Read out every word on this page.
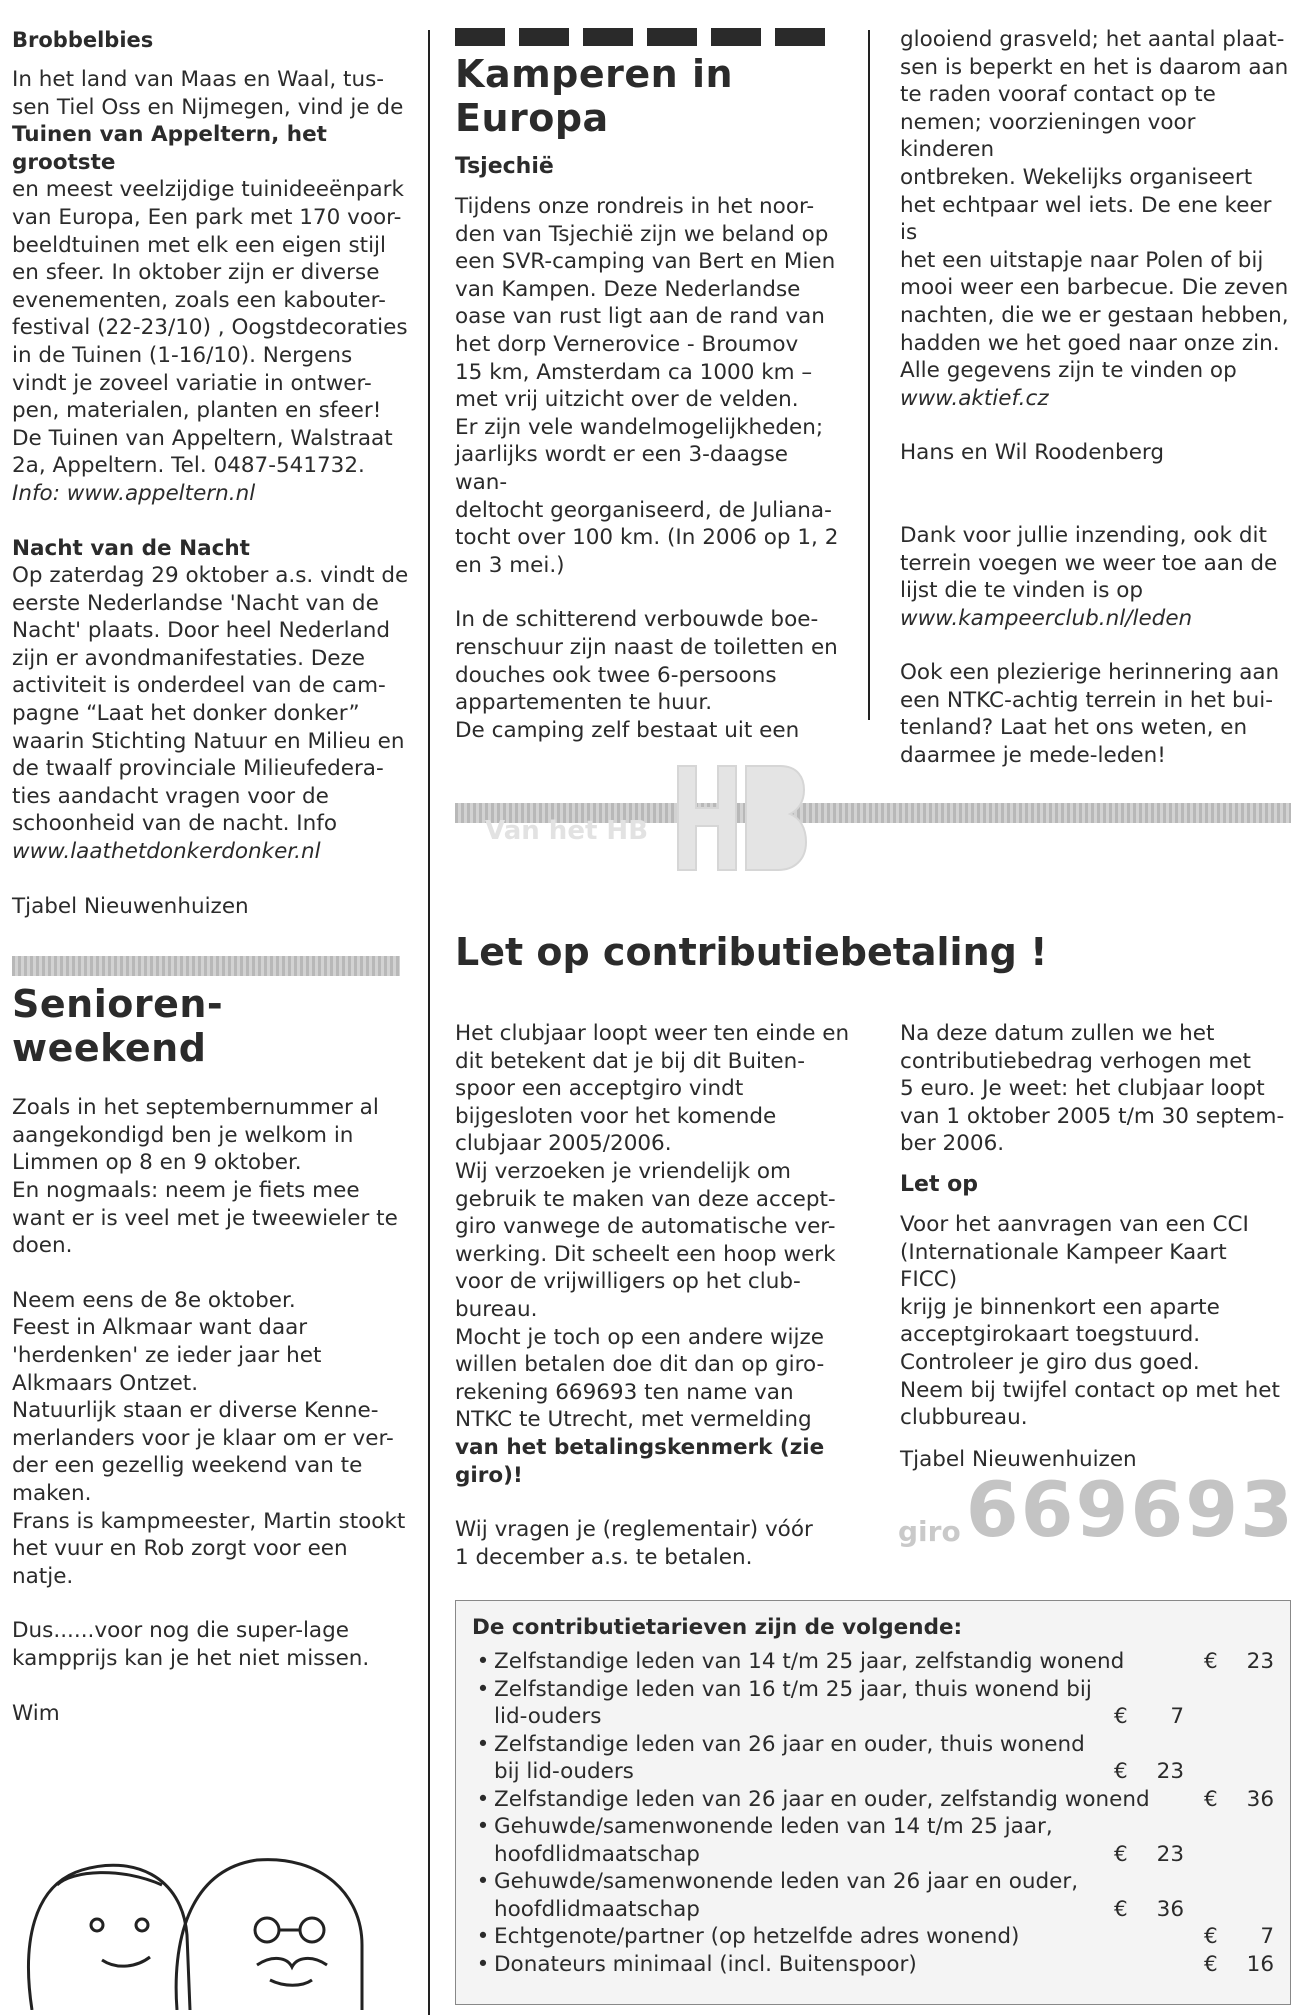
Brobbelbies
In het land van Maas en Waal, tus-
sen Tiel Oss en Nijmegen, vind je de
Tuinen van Appeltern, het grootste
en meest veelzijdige tuinideeënpark
van Europa, Een park met 170 voor-
beeldtuinen met elk een eigen stijl
en sfeer. In oktober zijn er diverse
evenementen, zoals een kabouter-
festival (22-23/10) , Oogstdecoraties
in de Tuinen (1-16/10). Nergens
vindt je zoveel variatie in ontwer-
pen, materialen, planten en sfeer!
De Tuinen van Appeltern, Walstraat
2a, Appeltern. Tel. 0487-541732.
Info: www.appeltern.nl
Nacht van de Nacht
Op zaterdag 29 oktober a.s. vindt de
eerste Nederlandse 'Nacht van de
Nacht' plaats. Door heel Nederland
zijn er avondmanifestaties. Deze
activiteit is onderdeel van de cam-
pagne “Laat het donker donker”
waarin Stichting Natuur en Milieu en
de twaalf provinciale Milieufedera-
ties aandacht vragen voor de
schoonheid van de nacht. Info
www.laathetdonkerdonker.nl
Tjabel Nieuwenhuizen
Senioren-weekend
Zoals in het septembernummer al
aangekondigd ben je welkom in
Limmen op 8 en 9 oktober.
En nogmaals: neem je fiets mee
want er is veel met je tweewieler te
doen.
Neem eens de 8e oktober.
Feest in Alkmaar want daar
'herdenken' ze ieder jaar het
Alkmaars Ontzet.
Natuurlijk staan er diverse Kenne-
merlanders voor je klaar om er ver-
der een gezellig weekend van te
maken.
Frans is kampmeester, Martin stookt
het vuur en Rob zorgt voor een
natje.
Dus......voor nog die super-lage
kampprijs kan je het niet missen.
Wim
Kamperen in Europa
Tsjechië
Tijdens onze rondreis in het noor-
den van Tsjechië zijn we beland op
een SVR-camping van Bert en Mien
van Kampen. Deze Nederlandse
oase van rust ligt aan de rand van
het dorp Vernerovice - Broumov
15 km, Amsterdam ca 1000 km –
met vrij uitzicht over de velden.
Er zijn vele wandelmogelijkheden;
jaarlijks wordt er een 3-daagse wan-
deltocht georganiseerd, de Juliana-
tocht over 100 km. (In 2006 op 1, 2
en 3 mei.)
In de schitterend verbouwde boe-
renschuur zijn naast de toiletten en
douches ook twee 6-persoons
appartementen te huur.
De camping zelf bestaat uit een
Van het HB
Let op contributiebetaling !
Het clubjaar loopt weer ten einde en
dit betekent dat je bij dit Buiten-
spoor een acceptgiro vindt
bijgesloten voor het komende
clubjaar 2005/2006.
Wij verzoeken je vriendelijk om
gebruik te maken van deze accept-
giro vanwege de automatische ver-
werking. Dit scheelt een hoop werk
voor de vrijwilligers op het club-
bureau.
Mocht je toch op een andere wijze
willen betalen doe dit dan op giro-
rekening 669693 ten name van
NTKC te Utrecht, met vermelding
van het betalingskenmerk (zie giro)!
Wij vragen je (reglementair) vóór
1 december a.s. te betalen.
glooiend grasveld; het aantal plaat-
sen is beperkt en het is daarom aan
te raden vooraf contact op te
nemen; voorzieningen voor kinderen
ontbreken. Wekelijks organiseert
het echtpaar wel iets. De ene keer is
het een uitstapje naar Polen of bij
mooi weer een barbecue. Die zeven
nachten, die we er gestaan hebben,
hadden we het goed naar onze zin.
Alle gegevens zijn te vinden op
www.aktief.cz
Hans en Wil Roodenberg
Dank voor jullie inzending, ook dit
terrein voegen we weer toe aan de
lijst die te vinden is op
www.kampeerclub.nl/leden
Ook een plezierige herinnering aan
een NTKC-achtig terrein in het bui-
tenland? Laat het ons weten, en
daarmee je mede-leden!
Na deze datum zullen we het
contributiebedrag verhogen met
5 euro. Je weet: het clubjaar loopt
van 1 oktober 2005 t/m 30 septem-
ber 2006.
Let op
Voor het aanvragen van een CCI
(Internationale Kampeer Kaart FICC)
krijg je binnenkort een aparte
acceptgirokaart toegstuurd.
Controleer je giro dus goed.
Neem bij twijfel contact op met het
clubbureau.
Tjabel Nieuwenhuizen
giro 669693
De contributietarieven zijn de volgende:
• Zelfstandige leden van 14 t/m 25 jaar, zelfstandig wonend	€	23
• Zelfstandige leden van 16 t/m 25 jaar, thuis wonend bij lid-ouders	€	7
• Zelfstandige leden van 26 jaar en ouder, thuis wonend bij lid-ouders	€	23
• Zelfstandige leden van 26 jaar en ouder, zelfstandig wonend	€	36
• Gehuwde/samenwonende leden van 14 t/m 25 jaar, hoofdlidmaatschap	€	23
• Gehuwde/samenwonende leden van 26 jaar en ouder, hoofdlidmaatschap	€	36
• Echtgenote/partner (op hetzelfde adres wonend)	€	7
• Donateurs minimaal (incl. Buitenspoor)	€	16
